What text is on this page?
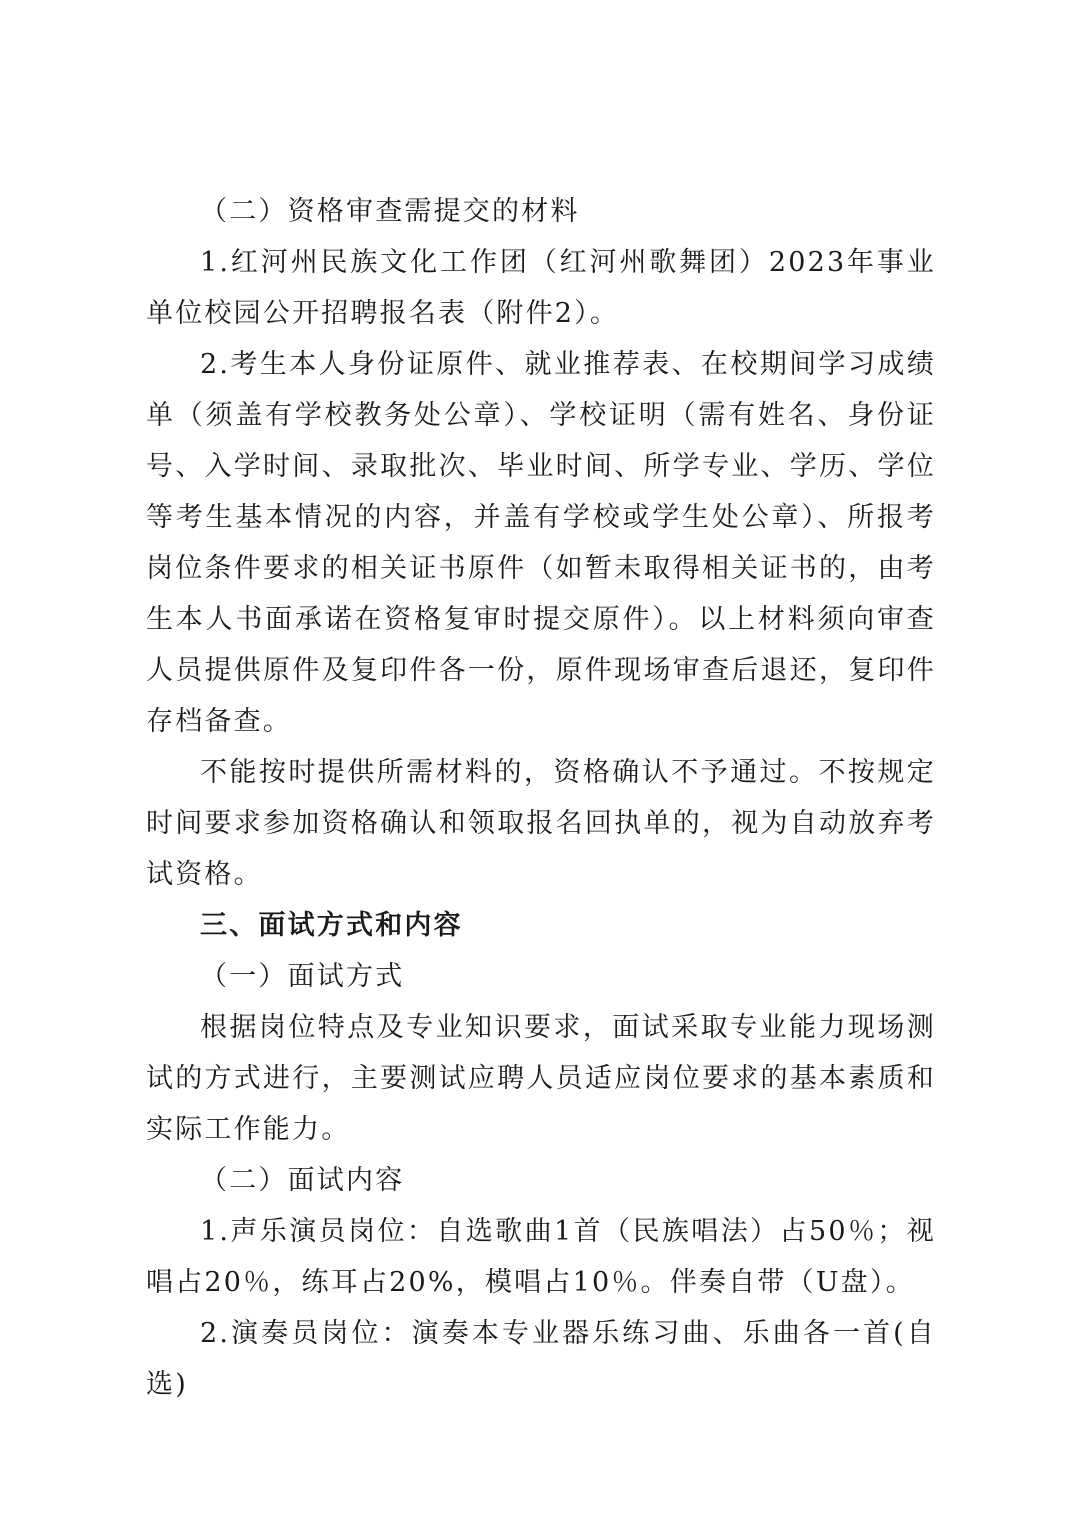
（二）资格审查需提交的材料

1.红河州民族文化工作团（红河州歌舞团）2023年事业单位校园公开招聘报名表（附件2）。

2.考生本人身份证原件、就业推荐表、在校期间学习成绩单（须盖有学校教务处公章）、学校证明（需有姓名、身份证号、入学时间、录取批次、毕业时间、所学专业、学历、学位等考生基本情况的内容，并盖有学校或学生处公章）、所报考岗位条件要求的相关证书原件（如暂未取得相关证书的，由考生本人书面承诺在资格复审时提交原件）。以上材料须向审查人员提供原件及复印件各一份，原件现场审查后退还，复印件存档备查。

不能按时提供所需材料的，资格确认不予通过。不按规定时间要求参加资格确认和领取报名回执单的，视为自动放弃考试资格。

三、面试方式和内容

（一）面试方式

根据岗位特点及专业知识要求，面试采取专业能力现场测试的方式进行，主要测试应聘人员适应岗位要求的基本素质和实际工作能力。

（二）面试内容

1.声乐演员岗位：自选歌曲1首（民族唱法）占50％；视唱占20％，练耳占20%，模唱占10％。伴奏自带（U盘）。

2.演奏员岗位：演奏本专业器乐练习曲、乐曲各一首(自选)
